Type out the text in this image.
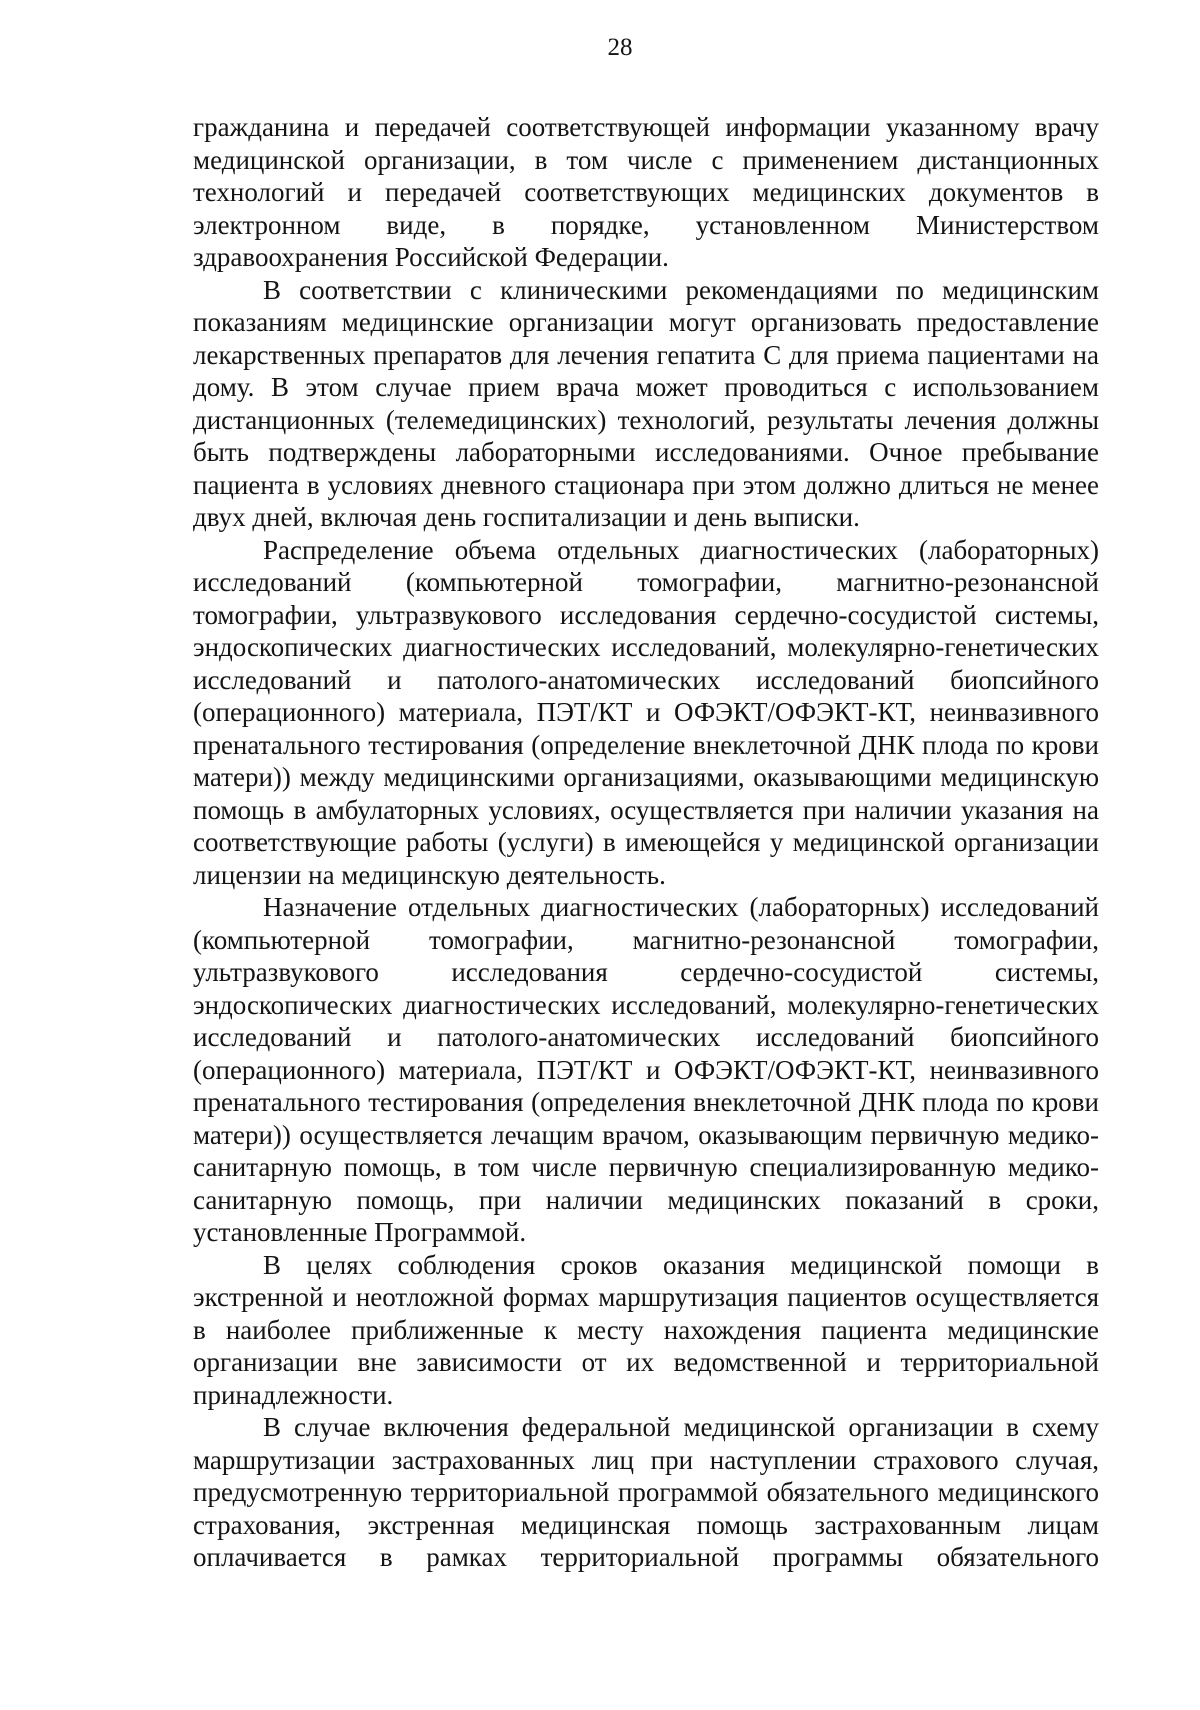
28

гражданина и передачей соответствующей информации указанному врачу медицинской организации, в том числе с применением дистанционных технологий и передачей соответствующих медицинских документов в электронном виде, в порядке, установленном Министерством здравоохранения Российской Федерации.

В соответствии с клиническими рекомендациями по медицинским показаниям медицинские организации могут организовать предоставление лекарственных препаратов для лечения гепатита С для приема пациентами на дому. В этом случае прием врача может проводиться с использованием дистанционных (телемедицинских) технологий, результаты лечения должны быть подтверждены лабораторными исследованиями. Очное пребывание пациента в условиях дневного стационара при этом должно длиться не менее двух дней, включая день госпитализации и день выписки.

Распределение объема отдельных диагностических (лабораторных) исследований (компьютерной томографии, магнитно-резонансной томографии, ультразвукового исследования сердечно-сосудистой системы, эндоскопических диагностических исследований, молекулярно-генетических исследований и патолого-анатомических исследований биопсийного (операционного) материала, ПЭТ/КТ и ОФЭКТ/ОФЭКТ-КТ, неинвазивного пренатального тестирования (определение внеклеточной ДНК плода по крови матери)) между медицинскими организациями, оказывающими медицинскую помощь в амбулаторных условиях, осуществляется при наличии указания на соответствующие работы (услуги) в имеющейся у медицинской организации лицензии на медицинскую деятельность.

Назначение отдельных диагностических (лабораторных) исследований (компьютерной томографии, магнитно-резонансной томографии, ультразвукового исследования сердечно-сосудистой системы, эндоскопических диагностических исследований, молекулярно-генетических исследований и патолого-анатомических исследований биопсийного (операционного) материала, ПЭТ/КТ и ОФЭКТ/ОФЭКТ-КТ, неинвазивного пренатального тестирования (определения внеклеточной ДНК плода по крови матери)) осуществляется лечащим врачом, оказывающим первичную медико-санитарную помощь, в том числе первичную специализированную медико-санитарную помощь, при наличии медицинских показаний в сроки, установленные Программой.

В целях соблюдения сроков оказания медицинской помощи в экстренной и неотложной формах маршрутизация пациентов осуществляется в наиболее приближенные к месту нахождения пациента медицинские организации вне зависимости от их ведомственной и территориальной принадлежности.

В случае включения федеральной медицинской организации в схему маршрутизации застрахованных лиц при наступлении страхового случая, предусмотренную территориальной программой обязательного медицинского страхования, экстренная медицинская помощь застрахованным лицам оплачивается в рамках территориальной программы обязательного
